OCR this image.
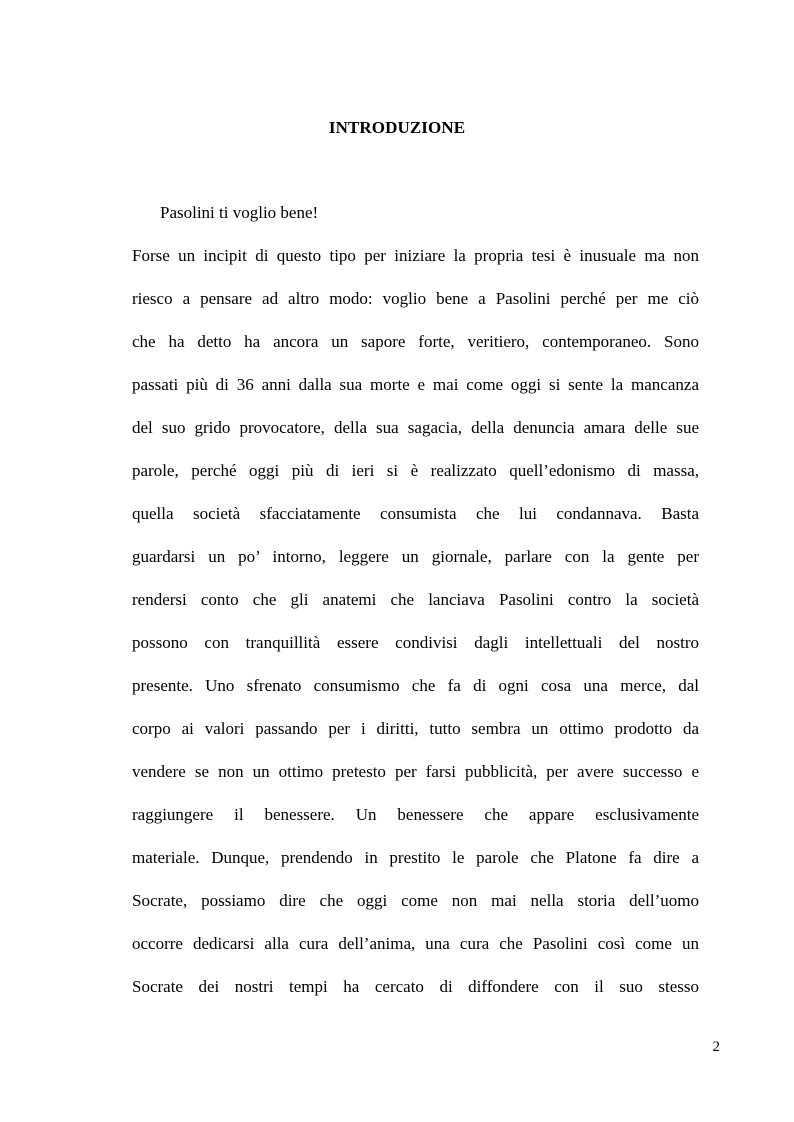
INTRODUZIONE
Pasolini ti voglio bene!
Forse un incipit di questo tipo per iniziare la propria tesi è inusuale ma non
riesco a pensare ad altro modo: voglio bene a Pasolini perché per me ciò
che ha detto ha ancora un sapore forte, veritiero, contemporaneo. Sono
passati più di 36 anni dalla sua morte e mai come oggi si sente la mancanza
del suo grido provocatore, della sua sagacia, della denuncia amara delle sue
parole, perché oggi più di ieri si è realizzato quell’edonismo di massa,
quella società sfacciatamente consumista che lui condannava. Basta
guardarsi un po’ intorno, leggere un giornale, parlare con la gente per
rendersi conto che gli anatemi che lanciava Pasolini contro la società
possono con tranquillità essere condivisi dagli intellettuali del nostro
presente. Uno sfrenato consumismo che fa di ogni cosa una merce, dal
corpo ai valori passando per i diritti, tutto sembra un ottimo prodotto da
vendere se non un ottimo pretesto per farsi pubblicità, per avere successo e
raggiungere il benessere. Un benessere che appare esclusivamente
materiale. Dunque, prendendo in prestito le parole che Platone fa dire a
Socrate, possiamo dire che oggi come non mai nella storia dell’uomo
occorre dedicarsi alla cura dell’anima, una cura che Pasolini così come un
Socrate dei nostri tempi ha cercato di diffondere con il suo stesso
2
